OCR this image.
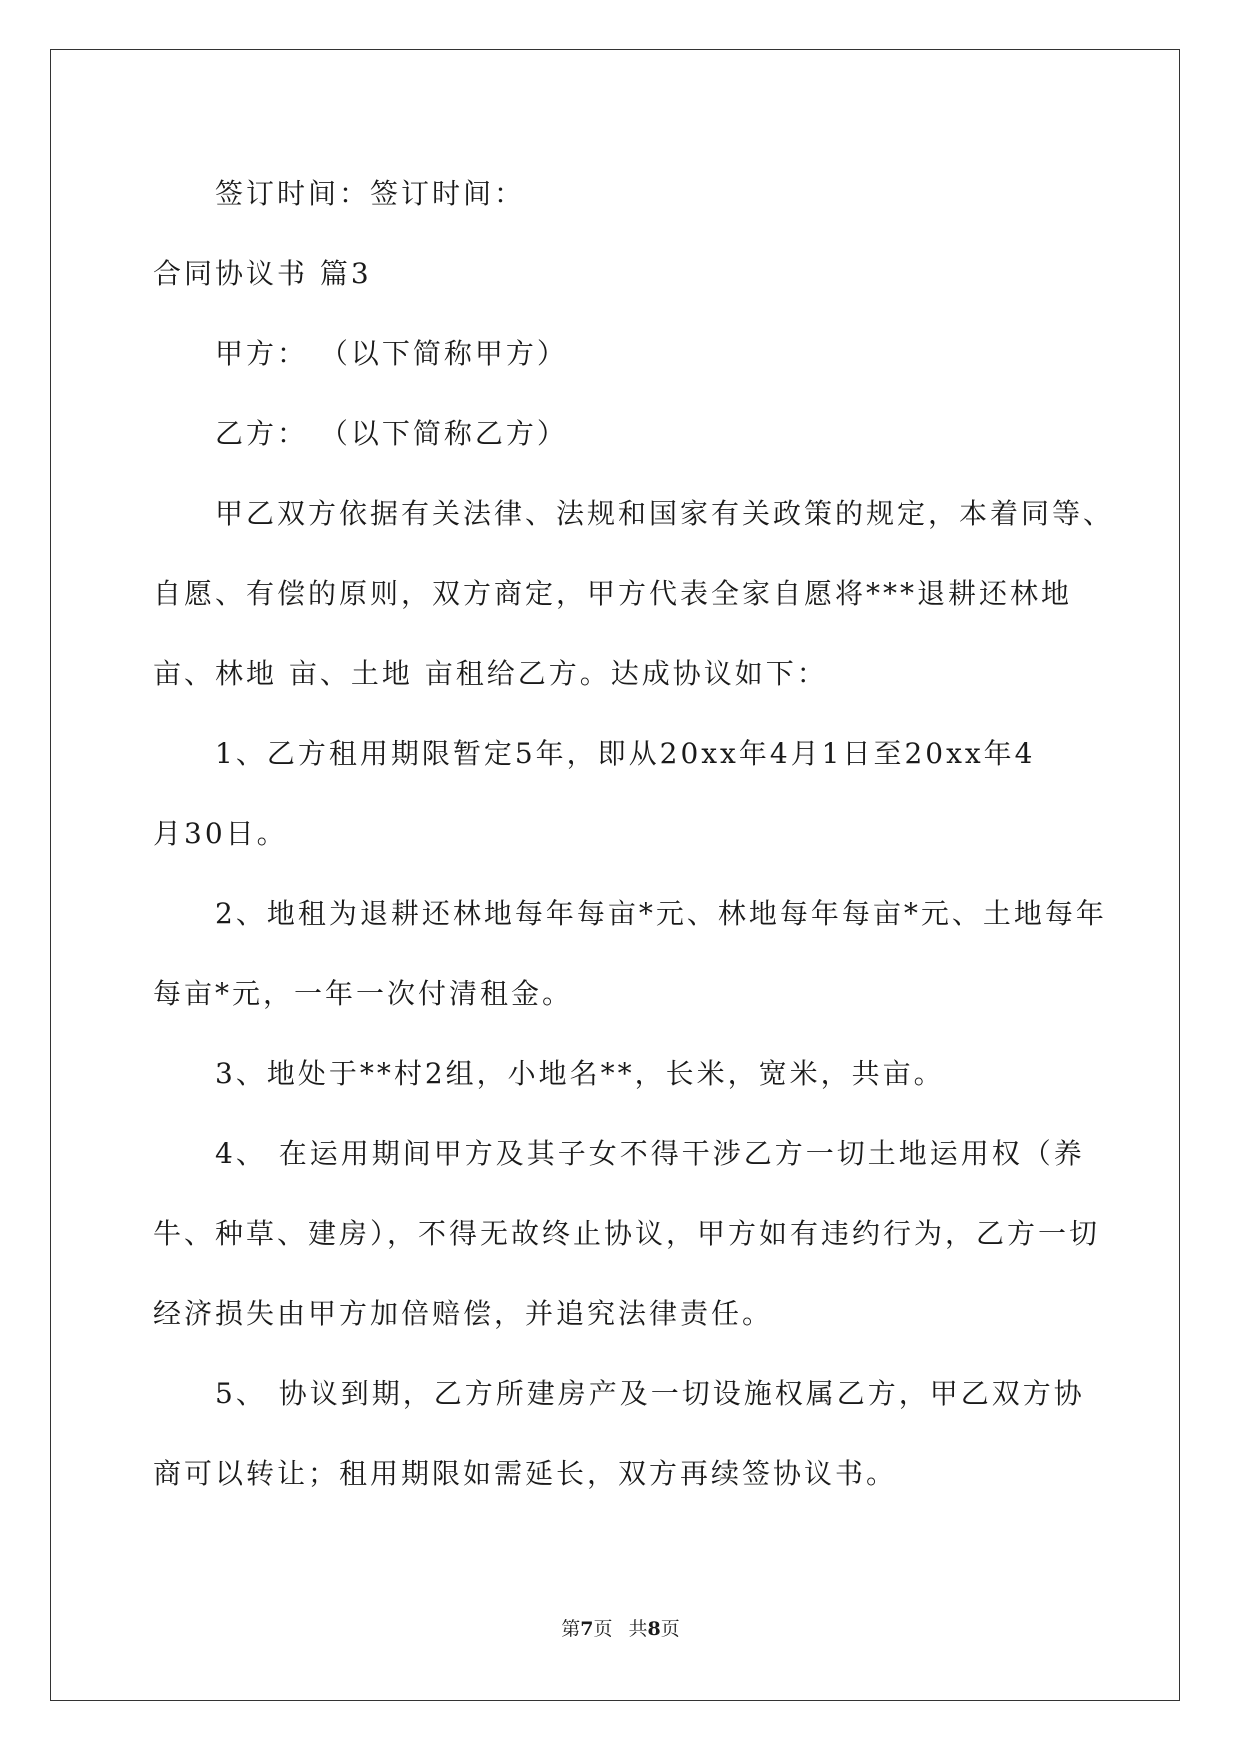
签订时间：签订时间：
合同协议书 篇3
甲方： （以下简称甲方）
乙方： （以下简称乙方）
甲乙双方依据有关法律、法规和国家有关政策的规定，本着同等、
自愿、有偿的原则，双方商定，甲方代表全家自愿将***退耕还林地
亩、林地 亩、土地 亩租给乙方。达成协议如下：
1、乙方租用期限暂定5年，即从20xx年4月1日至20xx年4
月30日。
2、地租为退耕还林地每年每亩*元、林地每年每亩*元、土地每年
每亩*元，一年一次付清租金。
3、地处于**村2组，小地名**，长米，宽米，共亩。
4、 在运用期间甲方及其子女不得干涉乙方一切土地运用权（养
牛、种草、建房），不得无故终止协议，甲方如有违约行为，乙方一切
经济损失由甲方加倍赔偿，并追究法律责任。
5、 协议到期，乙方所建房产及一切设施权属乙方，甲乙双方协
商可以转让；租用期限如需延长，双方再续签协议书。
第7页 共8页
